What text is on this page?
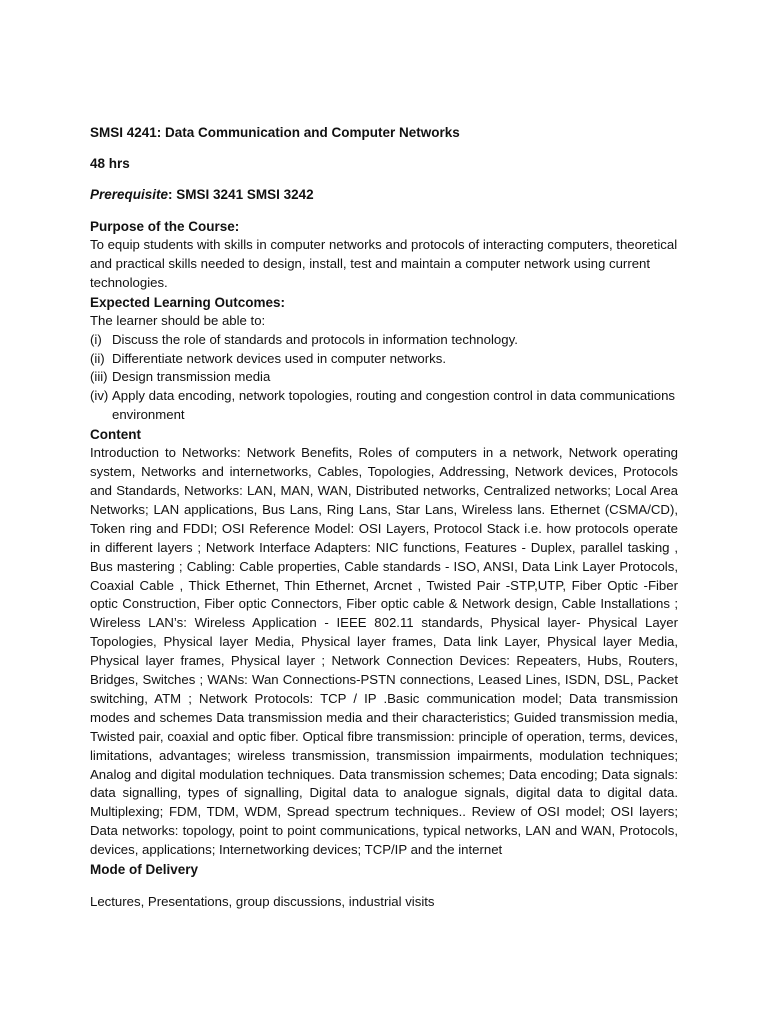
SMSI 4241: Data Communication and Computer Networks

48 hrs

Prerequisite: SMSI 3241 SMSI 3242

Purpose of the Course:

To equip students with skills in computer networks and protocols of interacting computers, theoretical and practical skills needed to design, install, test and maintain a computer network using current technologies.

Expected Learning Outcomes:

The learner should be able to:

(i) Discuss the role of standards and protocols in information technology.
(ii) Differentiate network devices used in computer networks.
(iii) Design transmission media
(iv) Apply data encoding, network topologies, routing and congestion control in data communications environment
Content

Introduction to Networks: Network Benefits, Roles of computers in a network, Network operating system, Networks and internetworks, Cables, Topologies, Addressing, Network devices, Protocols and Standards, Networks: LAN, MAN, WAN, Distributed networks, Centralized networks; Local Area Networks; LAN applications, Bus Lans, Ring Lans, Star Lans, Wireless lans. Ethernet (CSMA/CD), Token ring and FDDI; OSI Reference Model: OSI Layers, Protocol Stack i.e. how protocols operate in different layers ; Network Interface Adapters: NIC functions, Features - Duplex, parallel tasking , Bus mastering ; Cabling: Cable properties, Cable standards - ISO, ANSI, Data Link Layer Protocols, Coaxial Cable , Thick Ethernet, Thin Ethernet, Arcnet , Twisted Pair -STP,UTP, Fiber Optic -Fiber optic Construction, Fiber optic Connectors, Fiber optic cable & Network design, Cable Installations ; Wireless LAN’s: Wireless Application - IEEE 802.11 standards, Physical layer- Physical Layer Topologies, Physical layer Media, Physical layer frames, Data link Layer, Physical layer Media, Physical layer frames, Physical layer ; Network Connection Devices: Repeaters, Hubs, Routers, Bridges, Switches ; WANs: Wan Connections-PSTN connections, Leased Lines, ISDN, DSL, Packet switching, ATM ; Network Protocols: TCP / IP .Basic communication model; Data transmission modes and schemes Data transmission media and their characteristics; Guided transmission media, Twisted pair, coaxial and optic fiber. Optical fibre transmission: principle of operation, terms, devices, limitations, advantages; wireless transmission, transmission impairments, modulation techniques; Analog and digital modulation techniques. Data transmission schemes; Data encoding; Data signals: data signalling, types of signalling, Digital data to analogue signals, digital data to digital data. Multiplexing; FDM, TDM, WDM, Spread spectrum techniques.. Review of OSI model; OSI layers; Data networks: topology, point to point communications, typical networks, LAN and WAN, Protocols, devices, applications; Internetworking devices; TCP/IP and the internet

Mode of Delivery

Lectures, Presentations, group discussions, industrial visits
